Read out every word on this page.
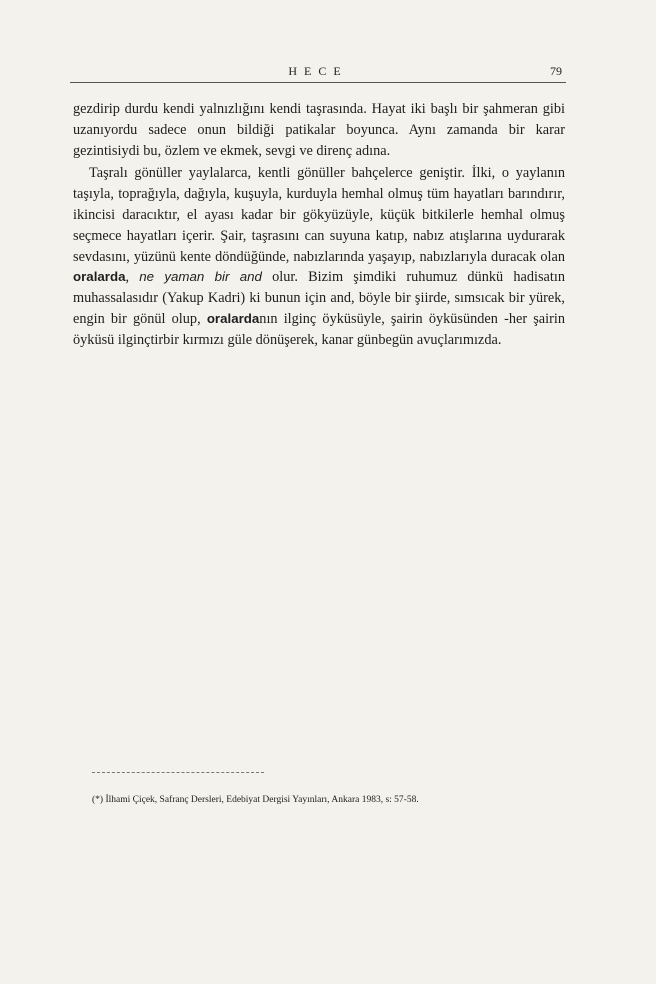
HECE	79

gezdirip durdu kendi yalnızlığını kendi taşrasında. Hayat iki başlı bir şahmeran gibi uzanıyordu sadece onun bildiği patikalar boyunca. Aynı zamanda bir karar gezintisiydi bu, özlem ve ekmek, sevgi ve direnç adına.

Taşralı gönüller yaylalarca, kentli gönüller bahçelerce geniştir. İlki, o yaylanın taşıyla, toprağıyla, dağıyla, kuşuyla, kurduyla hemhal olmuş tüm hayatları barındırır, ikincisi daracıktır, el ayası kadar bir gökyüzüyle, küçük bitkilerle hemhal olmuş seçmece hayatları içerir. Şair, taşrasını can suyuna katıp, nabız atışlarına uydurarak sevdasını, yüzünü kente döndüğünde, nabızlarında yaşayıp, nabızlarıyla duracak olan oralarda, ne yaman bir and olur. Bizim şimdiki ruhumuz dünkü hadisatın muhassalasıdır (Yakup Kadri) ki bunun için and, böyle bir şiirde, sımsıcak bir yürek, engin bir gönül olup, oralardanın ilginç öyküsüyle, şairin öyküsünden -her şairin öyküsü ilginçtirbir kırmızı güle dönüşerek, kanar günbegün avuçlarımızda.

(*) İlhami Çiçek, Safranç Dersleri, Edebiyat Dergisi Yayınları, Ankara 1983, s: 57-58.
